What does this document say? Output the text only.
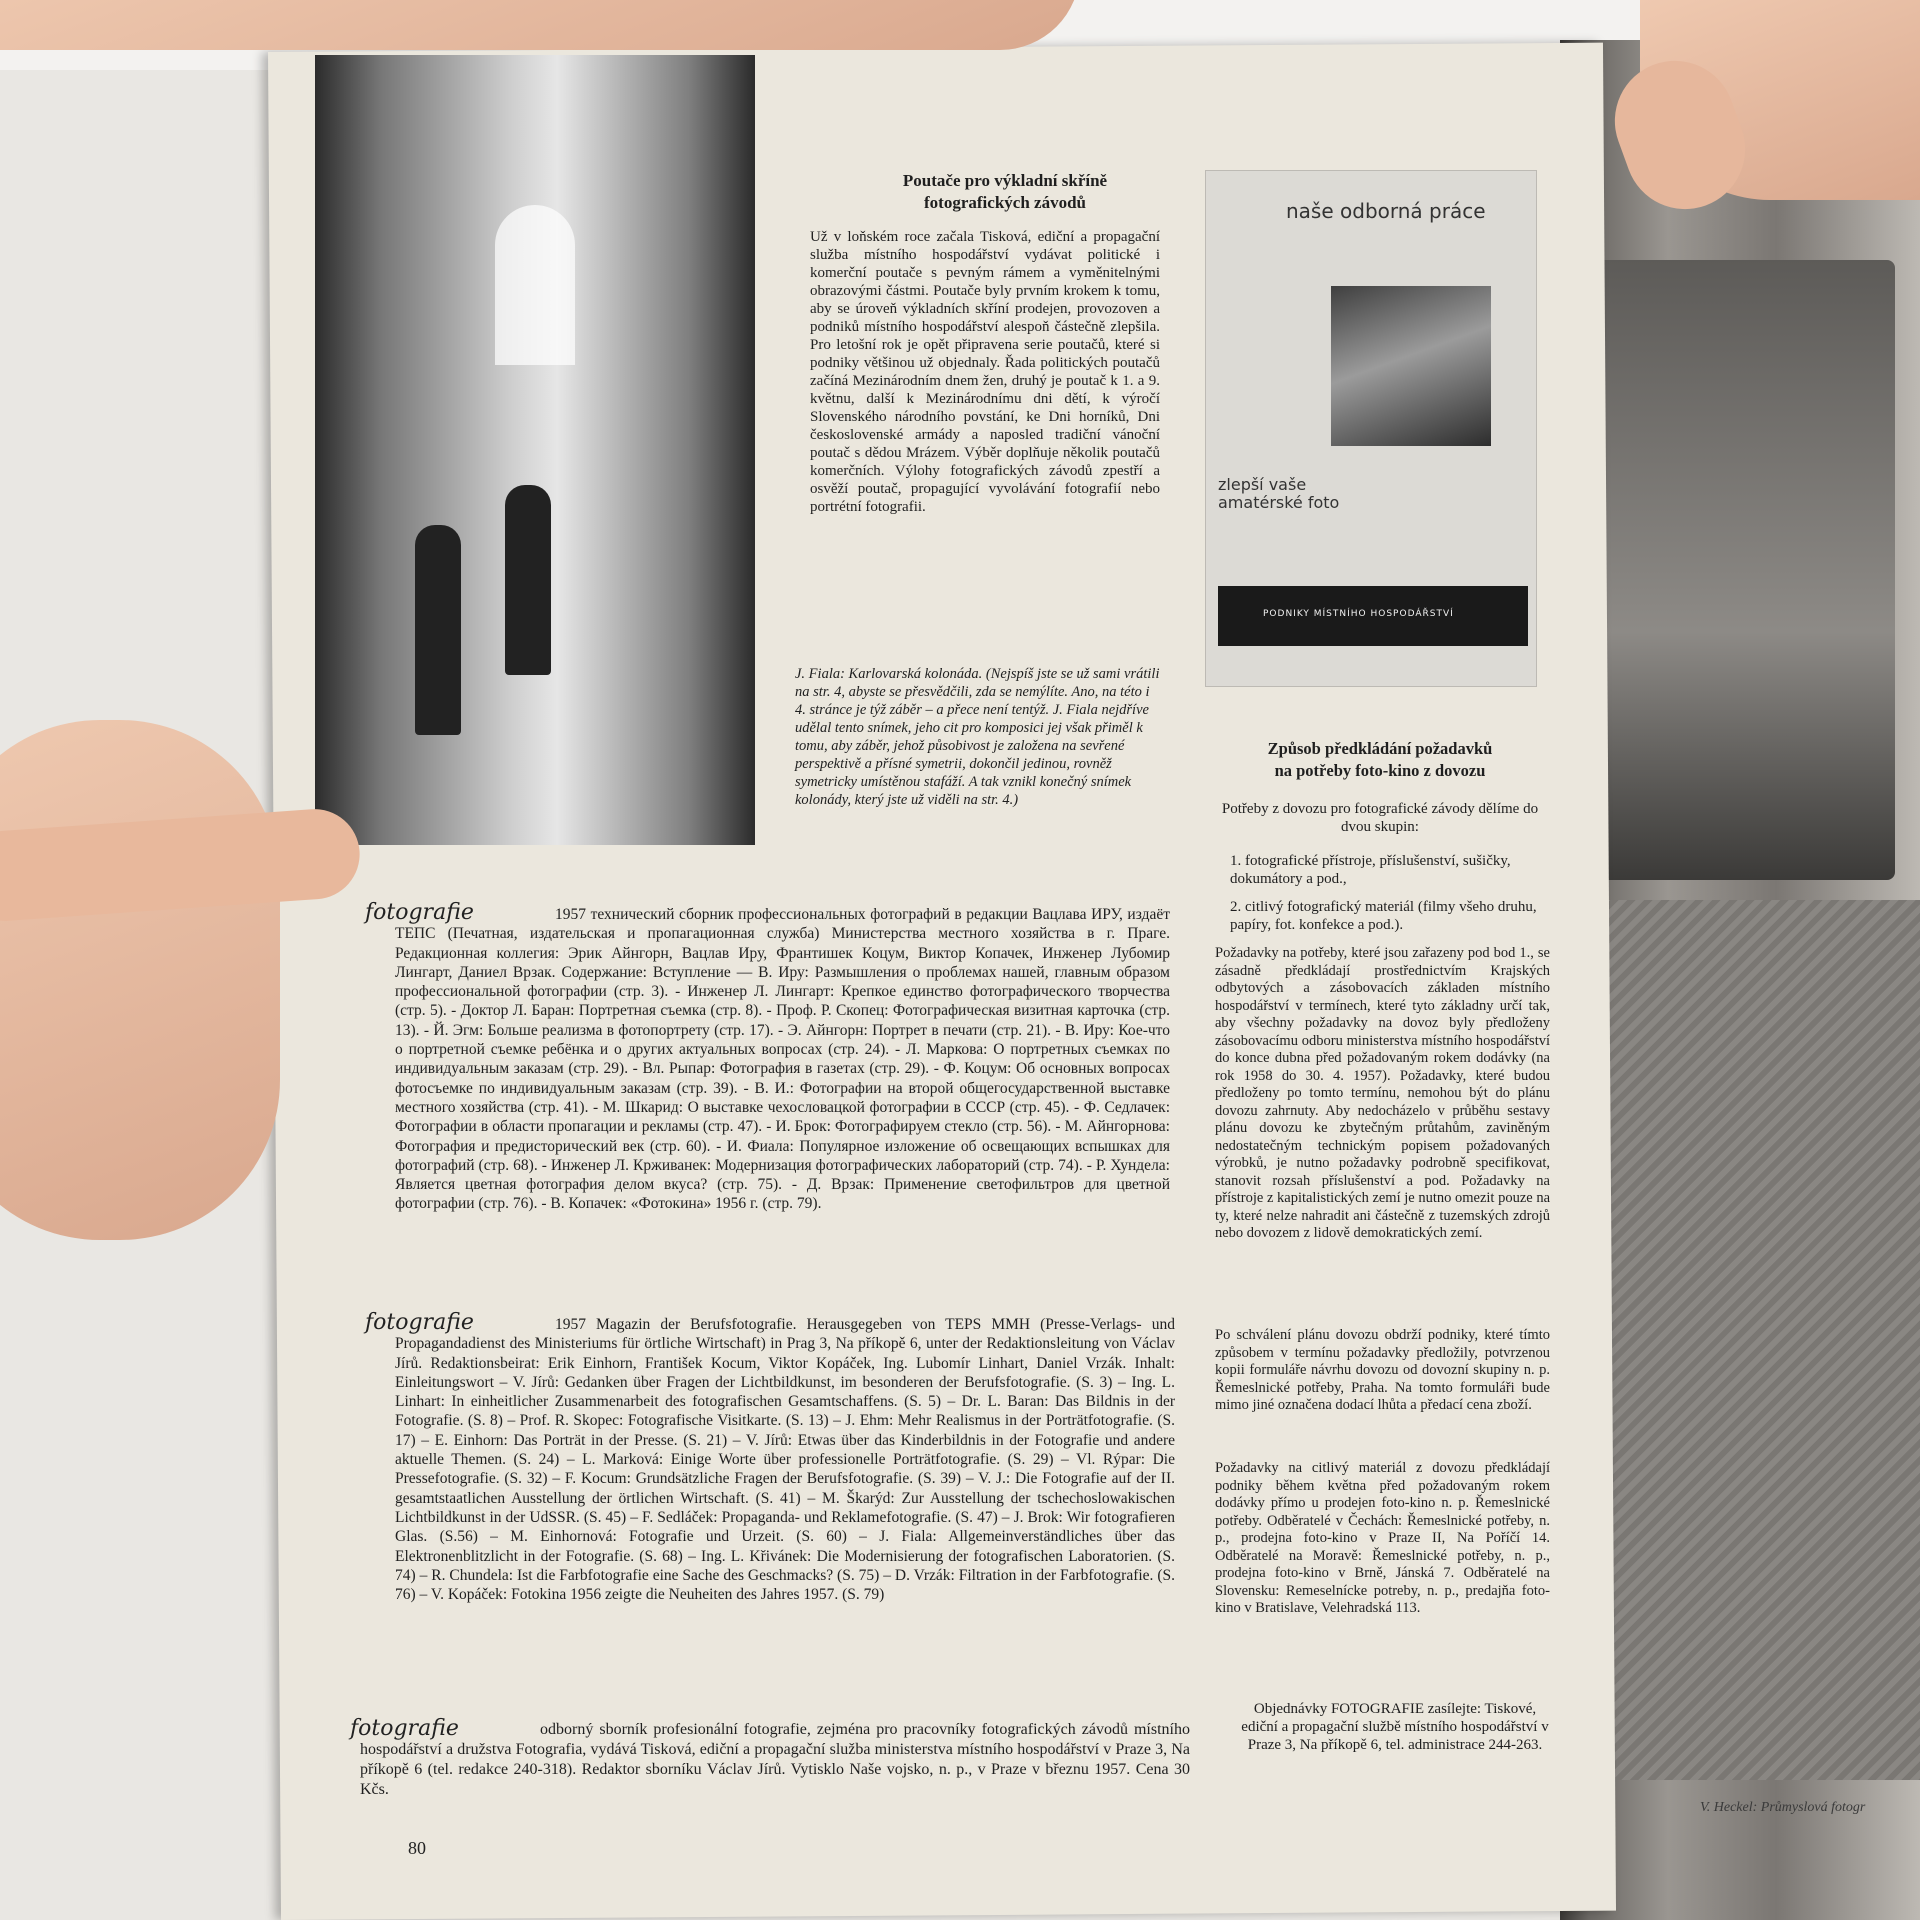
V. Heckel: Průmyslová fotogr
Poutače pro výkladní skříně
fotografických závodů
Už v loňském roce začala Tisková, ediční a propagační služba místního hospodářství vydávat politické i komerční poutače s pevným rámem a vyměnitelnými obrazovými částmi. Poutače byly prvním krokem k tomu, aby se úroveň výkladních skříní prodejen, provozoven a podniků místního hospodářství alespoň částečně zlepšila. Pro letošní rok je opět připravena serie poutačů, které si podniky většinou už objednaly. Řada politických poutačů začíná Mezinárodním dnem žen, druhý je poutač k 1. a 9. květnu, další k Mezinárodnímu dni dětí, k výročí Slovenského národního povstání, ke Dni horníků, Dni československé armády a naposled tradiční vánoční poutač s dědou Mrázem. Výběr doplňuje několik poutačů komerčních. Výlohy fotografických závodů zpestří a osvěží poutač, propagující vyvolávání fotografií nebo portrétní fotografii.
J. Fiala: Karlovarská kolonáda. (Nejspíš jste se už sami vrátili na str. 4, abyste se přesvědčili, zda se nemýlíte. Ano, na této i 4. stránce je týž záběr – a přece není tentýž. J. Fiala nejdříve udělal tento snímek, jeho cit pro komposici jej však přiměl k tomu, aby záběr, jehož působivost je založena na sevřené perspektivě a přísné symetrii, dokončil jedinou, rovněž symetricky umístěnou stafáží. A tak vznikl konečný snímek kolonády, který jste už viděli na str. 4.)
naše odborná práce
zlepší vaše
amatérské foto
PODNIKY MÍSTNÍHO HOSPODÁŘSTVÍ
Způsob předkládání požadavků
na potřeby foto-kino z dovozu
Potřeby z dovozu pro fotografické závody dělíme do dvou skupin:
1. fotografické přístroje, příslušenství, sušičky, dokumátory a pod.,
2. citlivý fotografický materiál (filmy všeho druhu, papíry, fot. konfekce a pod.).
Požadavky na potřeby, které jsou zařazeny pod bod 1., se zásadně předkládají prostřednictvím Krajských odbytových a zásobovacích základen místního hospodářství v termínech, které tyto základny určí tak, aby všechny požadavky na dovoz byly předloženy zásobovacímu odboru ministerstva místního hospodářství do konce dubna před požadovaným rokem dodávky (na rok 1958 do 30. 4. 1957). Požadavky, které budou předloženy po tomto termínu, nemohou být do plánu dovozu zahrnuty. Aby nedocházelo v průběhu sestavy plánu dovozu ke zbytečným průtahům, zaviněným nedostatečným technickým popisem požadovaných výrobků, je nutno požadavky podrobně specifikovat, stanovit rozsah příslušenství a pod. Požadavky na přístroje z kapitalistických zemí je nutno omezit pouze na ty, které nelze nahradit ani částečně z tuzemských zdrojů nebo dovozem z lidově demokratických zemí.
Po schválení plánu dovozu obdrží podniky, které tímto způsobem v termínu požadavky předložily, potvrzenou kopii formuláře návrhu dovozu od dovozní skupiny n. p. Řemeslnické potřeby, Praha. Na tomto formuláři bude mimo jiné označena dodací lhůta a předací cena zboží.
Požadavky na citlivý materiál z dovozu předkládají podniky během května před požadovaným rokem dodávky přímo u prodejen foto-kino n. p. Řemeslnické potřeby. Odběratelé v Čechách: Řemeslnické potřeby, n. p., prodejna foto-kino v Praze II, Na Poříčí 14. Odběratelé na Moravě: Řemeslnické potřeby, n. p., prodejna foto-kino v Brně, Jánská 7. Odběratelé na Slovensku: Remeselnícke potreby, n. p., predajňa foto-kino v Bratislave, Velehradská 113.
Objednávky FOTOGRAFIE zasílejte: Tiskové, ediční a propagační službě místního hospodářství v Praze 3, Na příkopě 6, tel. administrace 244-263.
fotografie	1957 технический сборник профессиональных фотографий в редакции Вацлава ИРУ, издаёт ТЕПС (Печатная, издательская и пропагационная служба) Министерства местного хозяйства в г. Праге. Редакционная коллегия: Эрик Айнгорн, Вацлав Иру, Франтишек Коцум, Виктор Копачек, Инженер Лубомир Лингарт, Даниел Врзак. Содержание: Вступление — В. Иру: Размышления о проблемах нашей, главным образом профессиональной фотографии (стр. 3). - Инженер Л. Лингарт: Крепкое единство фотографического творчества (стр. 5). - Доктор Л. Баран: Портретная съемка (стр. 8). - Проф. Р. Скопец: Фотографическая визитная карточка (стр. 13). - Й. Эгм: Больше реализма в фотопортрету (стр. 17). - Э. Айнгорн: Портрет в печати (стр. 21). - В. Иру: Кое-что о портретной съемке ребёнка и о других актуальных вопросах (стр. 24). - Л. Маркова: О портретных съемках по индивидуальным заказам (стр. 29). - Вл. Рыпар: Фотография в газетах (стр. 29). - Ф. Коцум: Об основных вопросах фотосъемке по индивидуальным заказам (стр. 39). - В. И.: Фотографии на второй общегосударственной выставке местного хозяйства (стр. 41). - М. Шкарид: О выставке чехословацкой фотографии в СССР (стр. 45). - Ф. Седлачек: Фотографии в области пропагации и рекламы (стр. 47). - И. Брок: Фотографируем стекло (стр. 56). - М. Айнгорнова: Фотография и предисторический век (стр. 60). - И. Фиала: Популярное изложение об освещающих вспышках для фотографий (стр. 68). - Инженер Л. Крживанек: Модернизация фотографических лабораторий (стр. 74). - Р. Хундела: Является цветная фотография делом вкуса? (стр. 75). - Д. Врзак: Применение светофильтров для цветной фотографии (стр. 76). - В. Копачек: «Фотокина» 1956 г. (стр. 79).
fotografie	1957 Magazin der Berufsfotografie. Herausgegeben von TEPS MMH (Presse-Verlags- und Propagandadienst des Ministeriums für örtliche Wirtschaft) in Prag 3, Na příkopě 6, unter der Redaktionsleitung von Václav Jírů. Redaktionsbeirat: Erik Einhorn, František Kocum, Viktor Kopáček, Ing. Lubomír Linhart, Daniel Vrzák. Inhalt: Einleitungswort – V. Jírů: Gedanken über Fragen der Lichtbildkunst, im besonderen der Berufsfotografie. (S. 3) – Ing. L. Linhart: In einheitlicher Zusammenarbeit des fotografischen Gesamtschaffens. (S. 5) – Dr. L. Baran: Das Bildnis in der Fotografie. (S. 8) – Prof. R. Skopec: Fotografische Visitkarte. (S. 13) – J. Ehm: Mehr Realismus in der Porträtfotografie. (S. 17) – E. Einhorn: Das Porträt in der Presse. (S. 21) – V. Jírů: Etwas über das Kinderbildnis in der Fotografie und andere aktuelle Themen. (S. 24) – L. Marková: Einige Worte über professionelle Porträtfotografie. (S. 29) – Vl. Rýpar: Die Pressefotografie. (S. 32) – F. Kocum: Grundsätzliche Fragen der Berufsfotografie. (S. 39) – V. J.: Die Fotografie auf der II. gesamtstaatlichen Ausstellung der örtlichen Wirtschaft. (S. 41) – M. Škarýd: Zur Ausstellung der tschechoslowakischen Lichtbildkunst in der UdSSR. (S. 45) – F. Sedláček: Propaganda- und Reklamefotografie. (S. 47) – J. Brok: Wir fotografieren Glas. (S.56) – M. Einhornová: Fotografie und Urzeit. (S. 60) – J. Fiala: Allgemeinverständliches über das Elektronenblitzlicht in der Fotografie. (S. 68) – Ing. L. Křivánek: Die Modernisierung der fotografischen Laboratorien. (S. 74) – R. Chundela: Ist die Farbfotografie eine Sache des Geschmacks? (S. 75) – D. Vrzák: Filtration in der Farbfotografie. (S. 76) – V. Kopáček: Fotokina 1956 zeigte die Neuheiten des Jahres 1957. (S. 79)
fotografie	odborný sborník profesionální fotografie, zejména pro pracovníky fotografických závodů místního hospodářství a družstva Fotografia, vydává Tisková, ediční a propagační služba ministerstva místního hospodářství v Praze 3, Na příkopě 6 (tel. redakce 240-318). Redaktor sborníku Václav Jírů. Vytisklo Naše vojsko, n. p., v Praze v březnu 1957. Cena 30 Kčs.
80
